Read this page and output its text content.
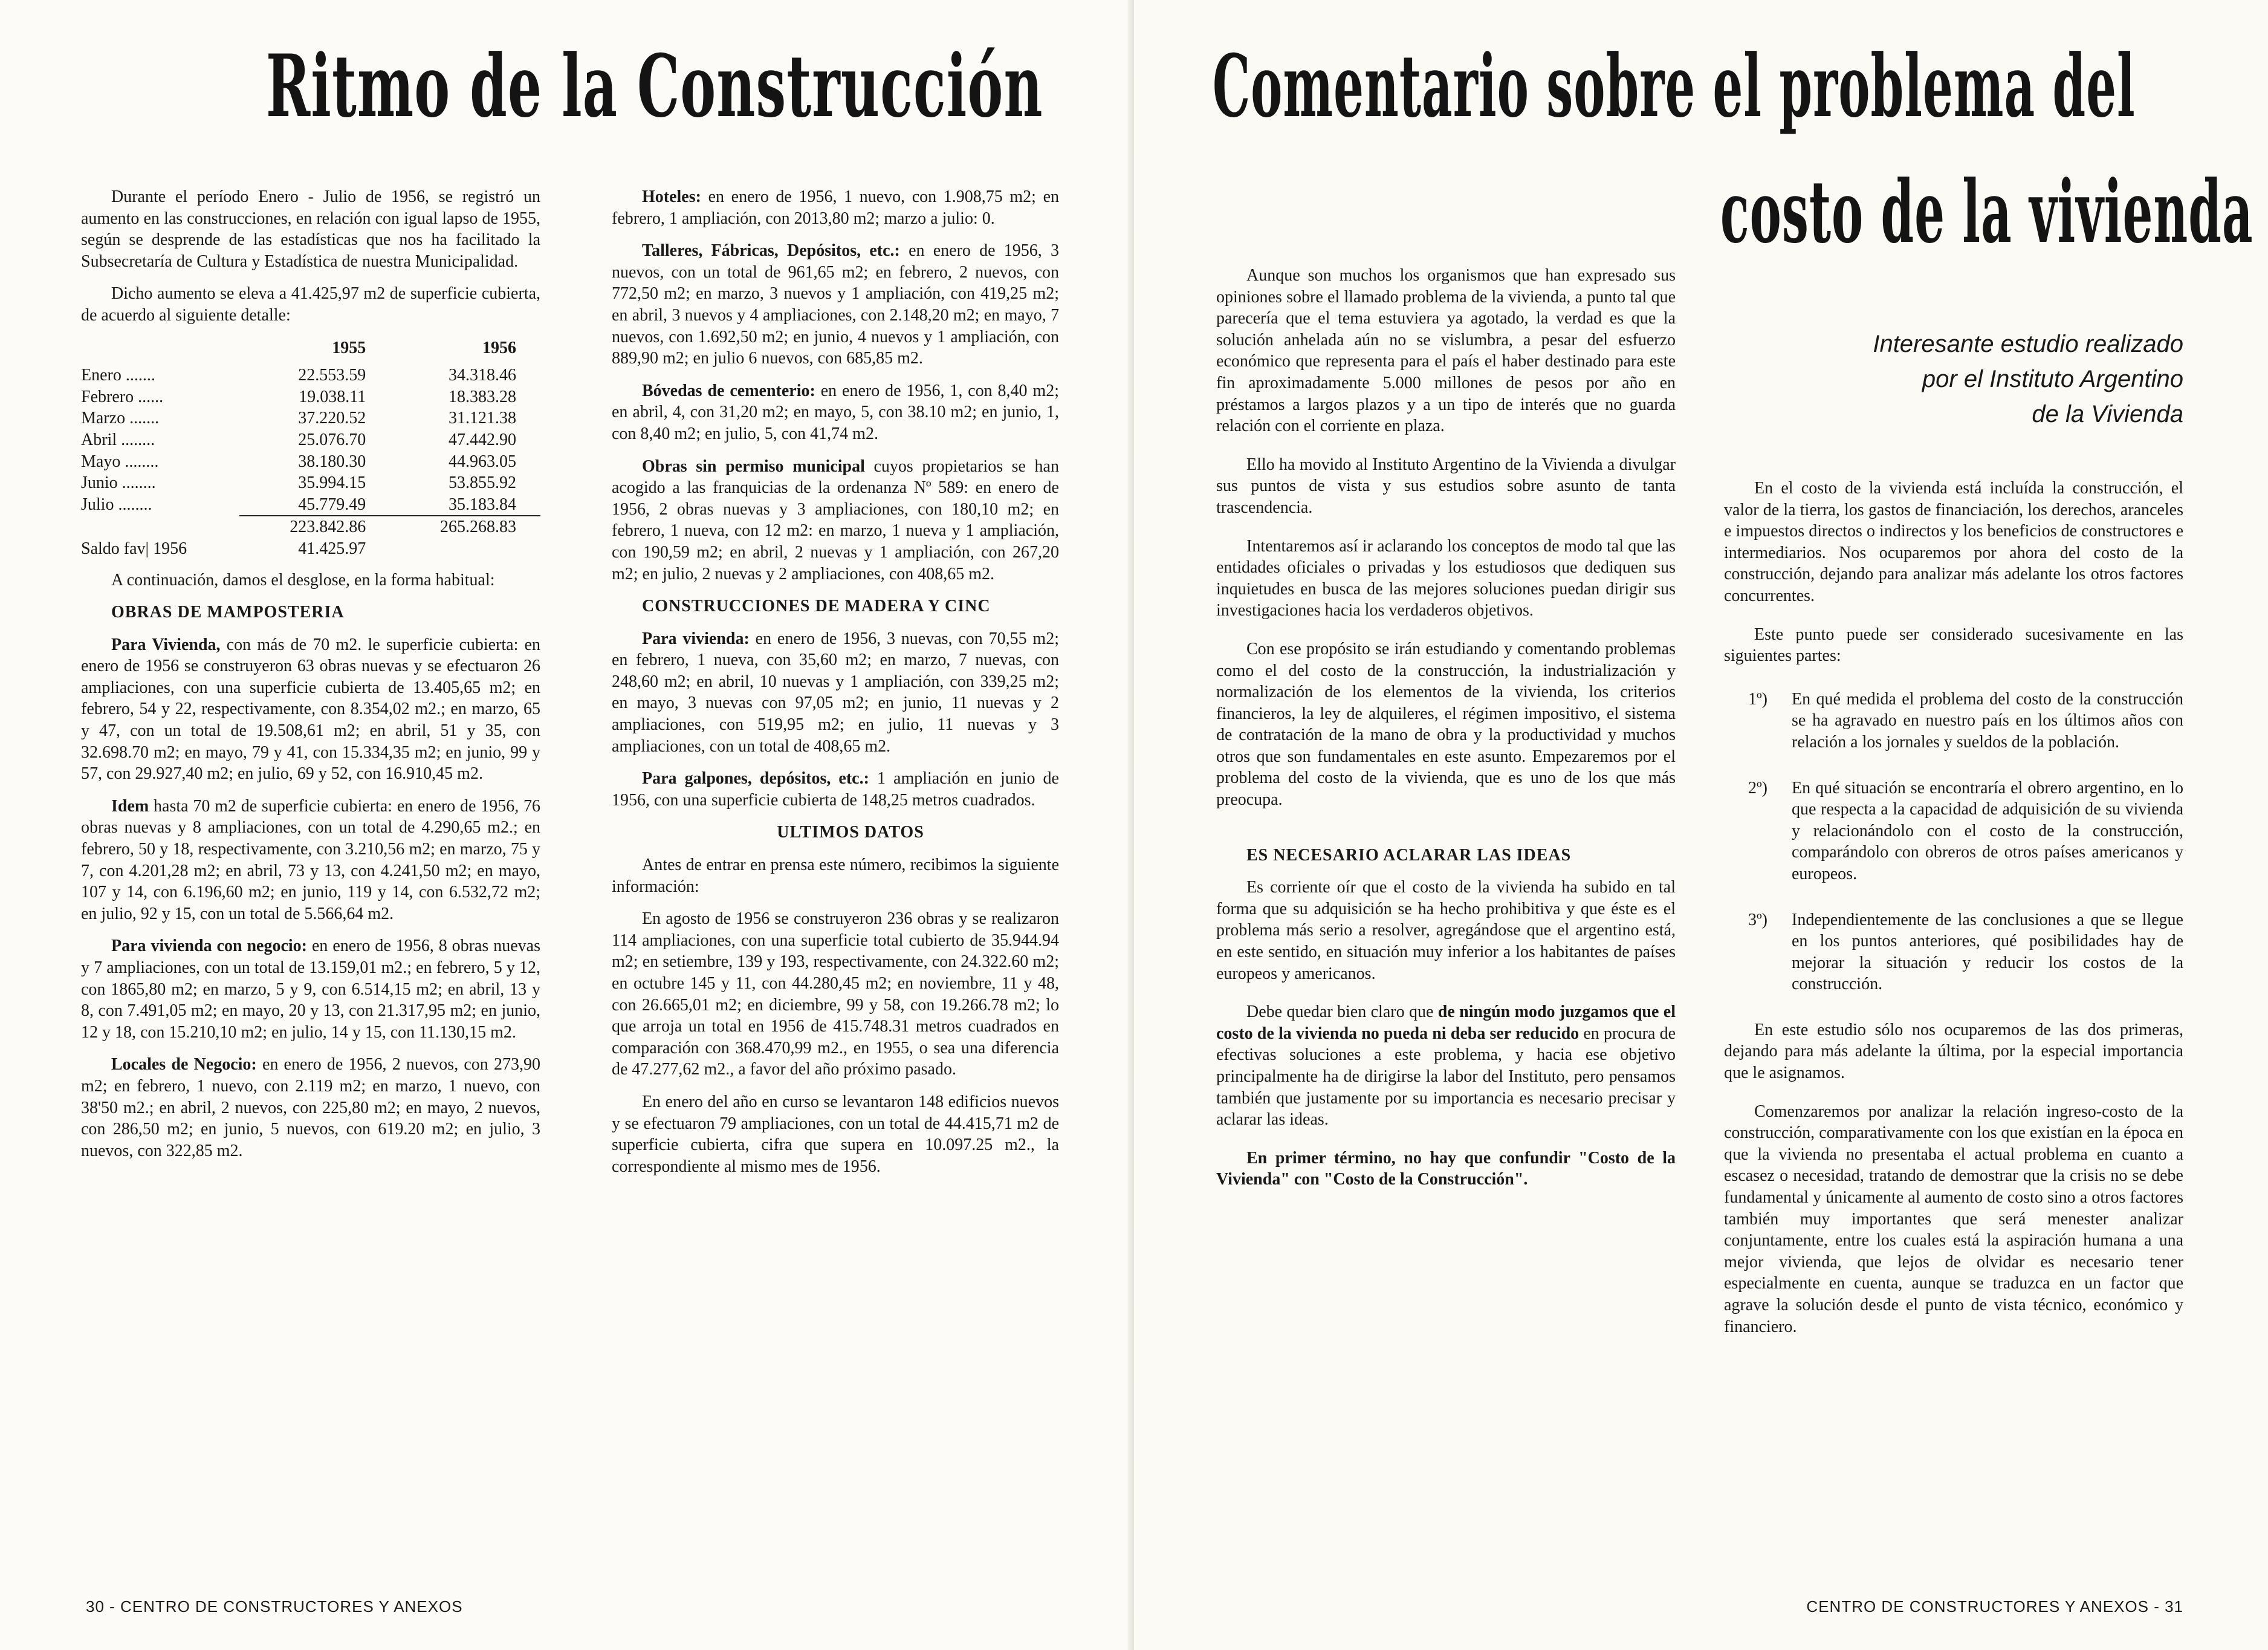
Ritmo de la Construcción

Durante el período Enero - Julio de 1956, se registró un aumento en las construcciones, en relación con igual lapso de 1955, según se desprende de las estadísticas que nos ha facilitado la Subsecretaría de Cultura y Estadística de nuestra Municipalidad.

Dicho aumento se eleva a 41.425,97 m2 de superficie cubierta, de acuerdo al siguiente detalle:

	1955	1956
Enero .......	22.553.59	34.318.46
Febrero ......	19.038.11	18.383.28
Marzo .......	37.220.52	31.121.38
Abril ........	25.076.70	47.442.90
Mayo ........	38.180.30	44.963.05
Junio ........	35.994.15	53.855.92
Julio ........	45.779.49	35.183.84
	223.842.86	265.268.83
Saldo fav| 1956	41.425.97	

A continuación, damos el desglose, en la forma habitual:

OBRAS DE MAMPOSTERIA

Para Vivienda, con más de 70 m2. le superficie cubierta: en enero de 1956 se construyeron 63 obras nuevas y se efectuaron 26 ampliaciones, con una superficie cubierta de 13.405,65 m2; en febrero, 54 y 22, respectivamente, con 8.354,02 m2.; en marzo, 65 y 47, con un total de 19.508,61 m2; en abril, 51 y 35, con 32.698.70 m2; en mayo, 79 y 41, con 15.334,35 m2; en junio, 99 y 57, con 29.927,40 m2; en julio, 69 y 52, con 16.910,45 m2.

Idem hasta 70 m2 de superficie cubierta: en enero de 1956, 76 obras nuevas y 8 ampliaciones, con un total de 4.290,65 m2.; en febrero, 50 y 18, respectivamente, con 3.210,56 m2; en marzo, 75 y 7, con 4.201,28 m2; en abril, 73 y 13, con 4.241,50 m2; en mayo, 107 y 14, con 6.196,60 m2; en junio, 119 y 14, con 6.532,72 m2; en julio, 92 y 15, con un total de 5.566,64 m2.

Para vivienda con negocio: en enero de 1956, 8 obras nuevas y 7 ampliaciones, con un total de 13.159,01 m2.; en febrero, 5 y 12, con 1865,80 m2; en marzo, 5 y 9, con 6.514,15 m2; en abril, 13 y 8, con 7.491,05 m2; en mayo, 20 y 13, con 21.317,95 m2; en junio, 12 y 18, con 15.210,10 m2; en julio, 14 y 15, con 11.130,15 m2.

Locales de Negocio: en enero de 1956, 2 nuevos, con 273,90 m2; en febrero, 1 nuevo, con 2.119 m2; en marzo, 1 nuevo, con 38'50 m2.; en abril, 2 nuevos, con 225,80 m2; en mayo, 2 nuevos, con 286,50 m2; en junio, 5 nuevos, con 619.20 m2; en julio, 3 nuevos, con 322,85 m2.

Hoteles: en enero de 1956, 1 nuevo, con 1.908,75 m2; en febrero, 1 ampliación, con 2013,80 m2; marzo a julio: 0.

Talleres, Fábricas, Depósitos, etc.: en enero de 1956, 3 nuevos, con un total de 961,65 m2; en febrero, 2 nuevos, con 772,50 m2; en marzo, 3 nuevos y 1 ampliación, con 419,25 m2; en abril, 3 nuevos y 4 ampliaciones, con 2.148,20 m2; en mayo, 7 nuevos, con 1.692,50 m2; en junio, 4 nuevos y 1 ampliación, con 889,90 m2; en julio 6 nuevos, con 685,85 m2.

Bóvedas de cementerio: en enero de 1956, 1, con 8,40 m2; en abril, 4, con 31,20 m2; en mayo, 5, con 38.10 m2; en junio, 1, con 8,40 m2; en julio, 5, con 41,74 m2.

Obras sin permiso municipal cuyos propietarios se han acogido a las franquicias de la ordenanza Nº 589: en enero de 1956, 2 obras nuevas y 3 ampliaciones, con 180,10 m2; en febrero, 1 nueva, con 12 m2: en marzo, 1 nueva y 1 ampliación, con 190,59 m2; en abril, 2 nuevas y 1 ampliación, con 267,20 m2; en julio, 2 nuevas y 2 ampliaciones, con 408,65 m2.

CONSTRUCCIONES DE MADERA Y CINC

Para vivienda: en enero de 1956, 3 nuevas, con 70,55 m2; en febrero, 1 nueva, con 35,60 m2; en marzo, 7 nuevas, con 248,60 m2; en abril, 10 nuevas y 1 ampliación, con 339,25 m2; en mayo, 3 nuevas con 97,05 m2; en junio, 11 nuevas y 2 ampliaciones, con 519,95 m2; en julio, 11 nuevas y 3 ampliaciones, con un total de 408,65 m2.

Para galpones, depósitos, etc.: 1 ampliación en junio de 1956, con una superficie cubierta de 148,25 metros cuadrados.

ULTIMOS DATOS

Antes de entrar en prensa este número, recibimos la siguiente información:

En agosto de 1956 se construyeron 236 obras y se realizaron 114 ampliaciones, con una superficie total cubierto de 35.944.94 m2; en setiembre, 139 y 193, respectivamente, con 24.322.60 m2; en octubre 145 y 11, con 44.280,45 m2; en noviembre, 11 y 48, con 26.665,01 m2; en diciembre, 99 y 58, con 19.266.78 m2; lo que arroja un total en 1956 de 415.748.31 metros cuadrados en comparación con 368.470,99 m2., en 1955, o sea una diferencia de 47.277,62 m2., a favor del año próximo pasado.

En enero del año en curso se levantaron 148 edificios nuevos y se efectuaron 79 ampliaciones, con un total de 44.415,71 m2 de superficie cubierta, cifra que supera en 10.097.25 m2., la correspondiente al mismo mes de 1956.

30 - CENTRO DE CONSTRUCTORES Y ANEXOS
Comentario sobre el problema del
costo de la vivienda
Interesante estudio realizado
por el Instituto Argentino
de la Vivienda

Aunque son muchos los organismos que han expresado sus opiniones sobre el llamado problema de la vivienda, a punto tal que parecería que el tema estuviera ya agotado, la verdad es que la solución anhelada aún no se vislumbra, a pesar del esfuerzo económico que representa para el país el haber destinado para este fin aproximadamente 5.000 millones de pesos por año en préstamos a largos plazos y a un tipo de interés que no guarda relación con el corriente en plaza.

Ello ha movido al Instituto Argentino de la Vivienda a divulgar sus puntos de vista y sus estudios sobre asunto de tanta trascendencia.

Intentaremos así ir aclarando los conceptos de modo tal que las entidades oficiales o privadas y los estudiosos que dediquen sus inquietudes en busca de las mejores soluciones puedan dirigir sus investigaciones hacia los verdaderos objetivos.

Con ese propósito se irán estudiando y comentando problemas como el del costo de la construcción, la industrialización y normalización de los elementos de la vivienda, los criterios financieros, la ley de alquileres, el régimen impositivo, el sistema de contratación de la mano de obra y la productividad y muchos otros que son fundamentales en este asunto. Empezaremos por el problema del costo de la vivienda, que es uno de los que más preocupa.

ES NECESARIO ACLARAR LAS IDEAS

Es corriente oír que el costo de la vivienda ha subido en tal forma que su adquisición se ha hecho prohibitiva y que éste es el problema más serio a resolver, agregándose que el argentino está, en este sentido, en situación muy inferior a los habitantes de países europeos y americanos.

Debe quedar bien claro que de ningún modo juzgamos que el costo de la vivienda no pueda ni deba ser reducido en procura de efectivas soluciones a este problema, y hacia ese objetivo principalmente ha de dirigirse la labor del Instituto, pero pensamos también que justamente por su importancia es necesario precisar y aclarar las ideas.

En primer término, no hay que confundir "Costo de la Vivienda" con "Costo de la Construcción".

En el costo de la vivienda está incluída la construcción, el valor de la tierra, los gastos de financiación, los derechos, aranceles e impuestos directos o indirectos y los beneficios de constructores e intermediarios. Nos ocuparemos por ahora del costo de la construcción, dejando para analizar más adelante los otros factores concurrentes.

Este punto puede ser considerado sucesivamente en las siguientes partes:

1º)	En qué medida el problema del costo de la construcción se ha agravado en nuestro país en los últimos años con relación a los jornales y sueldos de la población.
2º)	En qué situación se encontraría el obrero argentino, en lo que respecta a la capacidad de adquisición de su vivienda y relacionándolo con el costo de la construcción, comparándolo con obreros de otros países americanos y europeos.
3º)	Independientemente de las conclusiones a que se llegue en los puntos anteriores, qué posibilidades hay de mejorar la situación y reducir los costos de la construcción.

En este estudio sólo nos ocuparemos de las dos primeras, dejando para más adelante la última, por la especial importancia que le asignamos.

Comenzaremos por analizar la relación ingreso-costo de la construcción, comparativamente con los que existían en la época en que la vivienda no presentaba el actual problema en cuanto a escasez o necesidad, tratando de demostrar que la crisis no se debe fundamental y únicamente al aumento de costo sino a otros factores también muy importantes que será menester analizar conjuntamente, entre los cuales está la aspiración humana a una mejor vivienda, que lejos de olvidar es necesario tener especialmente en cuenta, aunque se traduzca en un factor que agrave la solución desde el punto de vista técnico, económico y financiero.

CENTRO DE CONSTRUCTORES Y ANEXOS - 31
